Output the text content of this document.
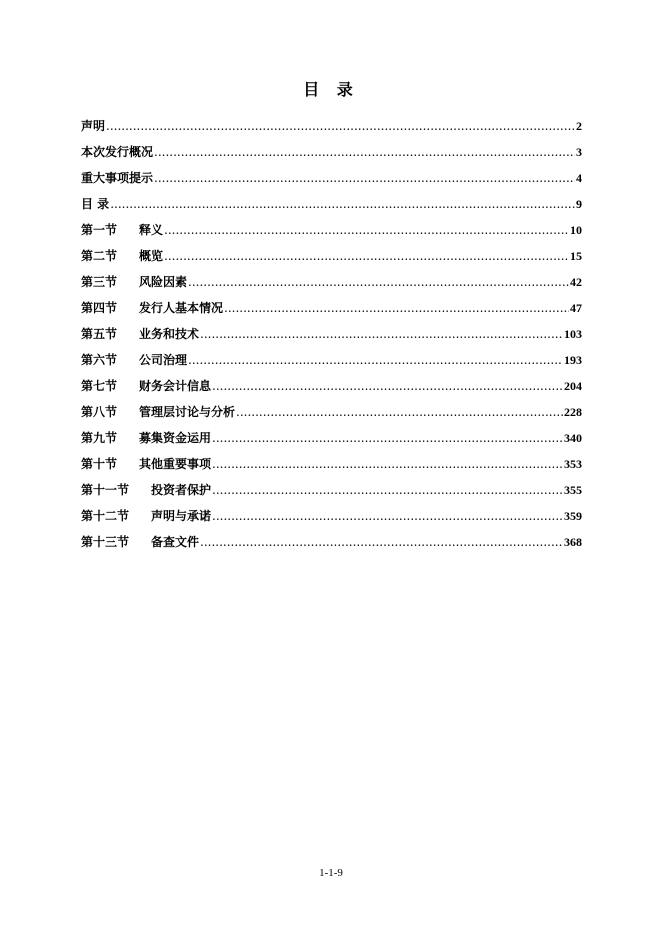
目 录
声明 .....	2
本次发行概况 .....	3
重大事项提示 .....	4
目 录 .....	9
第一节	释义 .....	10
第二节	概览 .....	15
第三节	风险因素 .....	42
第四节	发行人基本情况 .....	47
第五节	业务和技术 .....	103
第六节	公司治理 .....	193
第七节	财务会计信息 .....	204
第八节	管理层讨论与分析 .....	228
第九节	募集资金运用 .....	340
第十节	其他重要事项 .....	353
第十一节	投资者保护 .....	355
第十二节	声明与承诺 .....	359
第十三节	备查文件 .....	368
1-1-9
